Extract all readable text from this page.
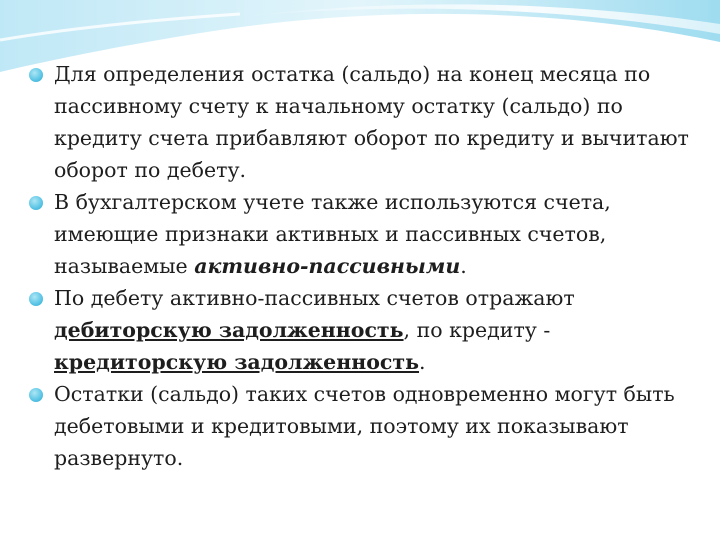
Для определения остатка (сальдо) на конец месяца по пассивному счету к начальному остатку (сальдо) по кредиту счета прибавляют оборот по кредиту и вычитают оборот по дебету.
В бухгалтерском учете также используются счета, имеющие признаки активных и пассивных счетов, называемые активно-пассивными.
По дебету активно-пассивных счетов отражают дебиторскую задолженность, по кредиту - кредиторскую задолженность.
Остатки (сальдо) таких счетов одновременно могут быть дебетовыми и кредитовыми, поэтому их показывают развернуто.
